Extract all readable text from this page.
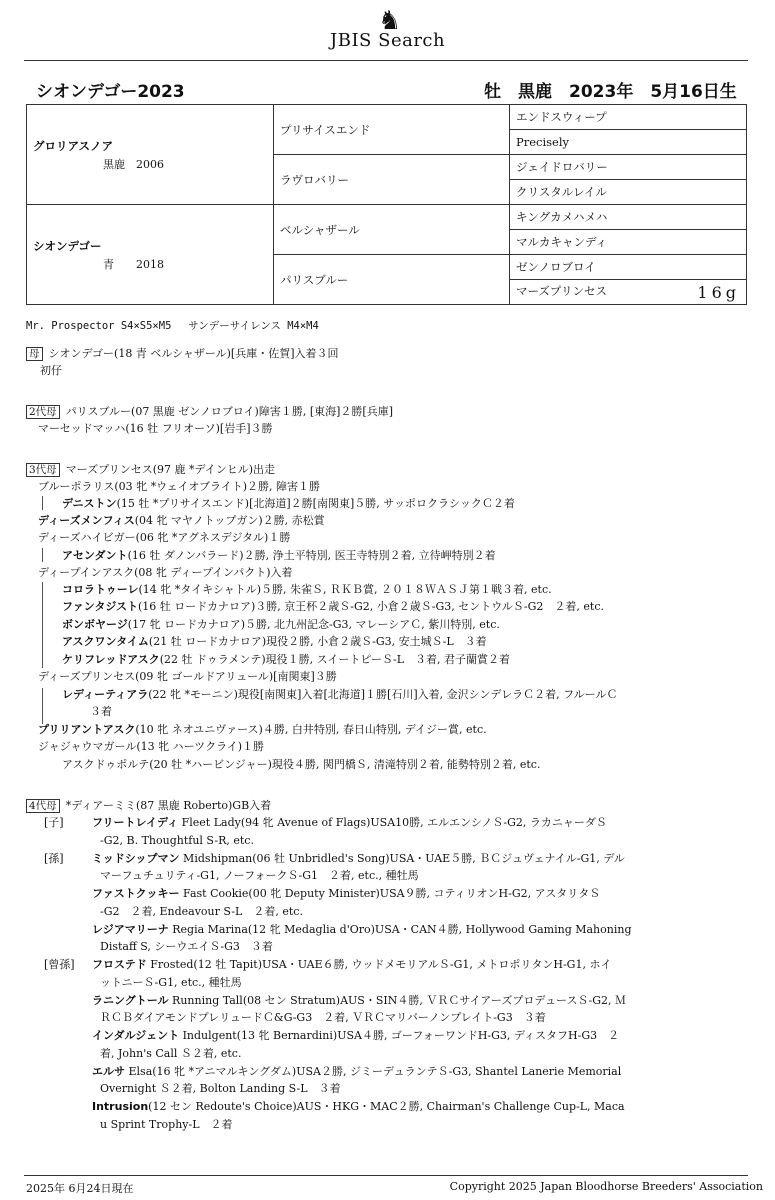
♞
JBIS Search
シオンデゴー2023	牡　黒鹿　2023年　5月16日生
グロリアスノア
黒鹿　2006	プリサイスエンド	エンドスウィープ
		Precisely
	ラヴロバリー	ジェイドロバリー
		クリスタルレイル

シオンデゴー
青　　2018	ベルシャザール	キングカメハメハ
		マルカキャンディ
	パリスブルー	ゼンノロブロイ
		マーズプリンセス 16g
Mr. Prospector S4×S5×M5　 サンデーサイレンス M4×M4
母 シオンデゴー(18 青 ベルシャザール)[兵庫・佐賀]入着３回
初仔
2代母 パリスブルー(07 黒鹿 ゼンノロブロイ)障害１勝, [東海]２勝[兵庫]
マーセッドマッハ(16 牡 フリオーソ)[岩手]３勝
3代母 マーズプリンセス(97 鹿 *デインヒル)出走
ブルーポラリス(03 牝 *ウェイオブライト)２勝, 障害１勝
デニストン(15 牡 *プリサイスエンド)[北海道]２勝[南関東]５勝, サッポロクラシックＣ２着
ディーズメンフィス(04 牝 マヤノトップガン)２勝, 赤松賞
ディーズハイビガー(06 牝 *アグネスデジタル)１勝
アセンダント(16 牡 ダノンバラード)２勝, 浄土平特別, 医王寺特別２着, 立待岬特別２着
ディープインアスク(08 牝 ディープインパクト)入着
コロラトゥーレ(14 牝 *タイキシャトル)５勝, 朱雀Ｓ, ＲＫＢ賞, ２０１８ＷＡＳＪ第１戦３着, etc.
ファンタジスト(16 牡 ロードカナロア)３勝, 京王杯２歳Ｓ-G2, 小倉２歳Ｓ-G3, セントウルＳ-G2　２着, etc.
ボンボヤージ(17 牝 ロードカナロア)５勝, 北九州記念-G3, マレーシアＣ, 紫川特別, etc.
アスクワンタイム(21 牡 ロードカナロア)現役２勝, 小倉２歳Ｓ-G3, 安土城Ｓ-L　３着
ケリフレッドアスク(22 牡 ドゥラメンテ)現役１勝, スイートピーＳ-L　３着, 君子蘭賞２着
ディーズプリンセス(09 牝 ゴールドアリュール)[南関東]３勝
レディーティアラ(22 牝 *モーニン)現役[南関東]入着[北海道]１勝[石川]入着, 金沢シンデレラＣ２着, フルールＣ
３着
プリリアントアスク(10 牝 ネオユニヴァース)４勝, 白井特別, 春日山特別, デイジー賞, etc.
ジャジャウマガール(13 牝 ハーツクライ)１勝
アスクドゥポルテ(20 牡 *ハービンジャー)現役４勝, 関門橋Ｓ, 清滝特別２着, 能勢特別２着, etc.
4代母 *ディアーミミ(87 黒鹿 Roberto)GB入着
[子]
[孫]
[曾孫]
フリートレイディ Fleet Lady(94 牝 Avenue of Flags)USA10勝, エルエンシノＳ-G2, ラカニャーダＳ
-G2, B. Thoughtful S-R, etc.
ミッドシップマン Midshipman(06 牡 Unbridled's Song)USA・UAE５勝, ＢＣジュヴェナイル-G1, デル
マーフュチュリティ-G1, ノーフォークＳ-G1　２着, etc., 種牡馬
ファストクッキー Fast Cookie(00 牝 Deputy Minister)USA９勝, コティリオンH-G2, アスタリタＳ
-G2　２着, Endeavour S-L　２着, etc.
レジアマリーナ Regia Marina(12 牝 Medaglia d'Oro)USA・CAN４勝, Hollywood Gaming Mahoning
Distaff S, シーウエイＳ-G3　３着
フロステド Frosted(12 牡 Tapit)USA・UAE６勝, ウッドメモリアルＳ-G1, メトロポリタンH-G1, ホイ
ットニーＳ-G1, etc., 種牡馬
ラニングトール Running Tall(08 セン Stratum)AUS・SIN４勝, ＶＲＣサイアーズプロデュースＳ-G2, Ｍ
ＲＣＢダイアモンドプレリュードＣ&G-G3　２着, ＶＲＣマリバーノンプレイト-G3　３着
インダルジェント Indulgent(13 牝 Bernardini)USA４勝, ゴーフォーワンドH-G3, ディスタフH-G3　２
着, John's Call Ｓ２着, etc.
エルサ Elsa(16 牝 *アニマルキングダム)USA２勝, ジミーデュランテＳ-G3, Shantel Lanerie Memorial
Overnight Ｓ２着, Bolton Landing S-L　３着
Intrusion(12 セン Redoute's Choice)AUS・HKG・MAC２勝, Chairman's Challenge Cup-L, Maca
u Sprint Trophy-L　２着
2025年 6月24日現在	Copyright 2025 Japan Bloodhorse Breeders' Association
